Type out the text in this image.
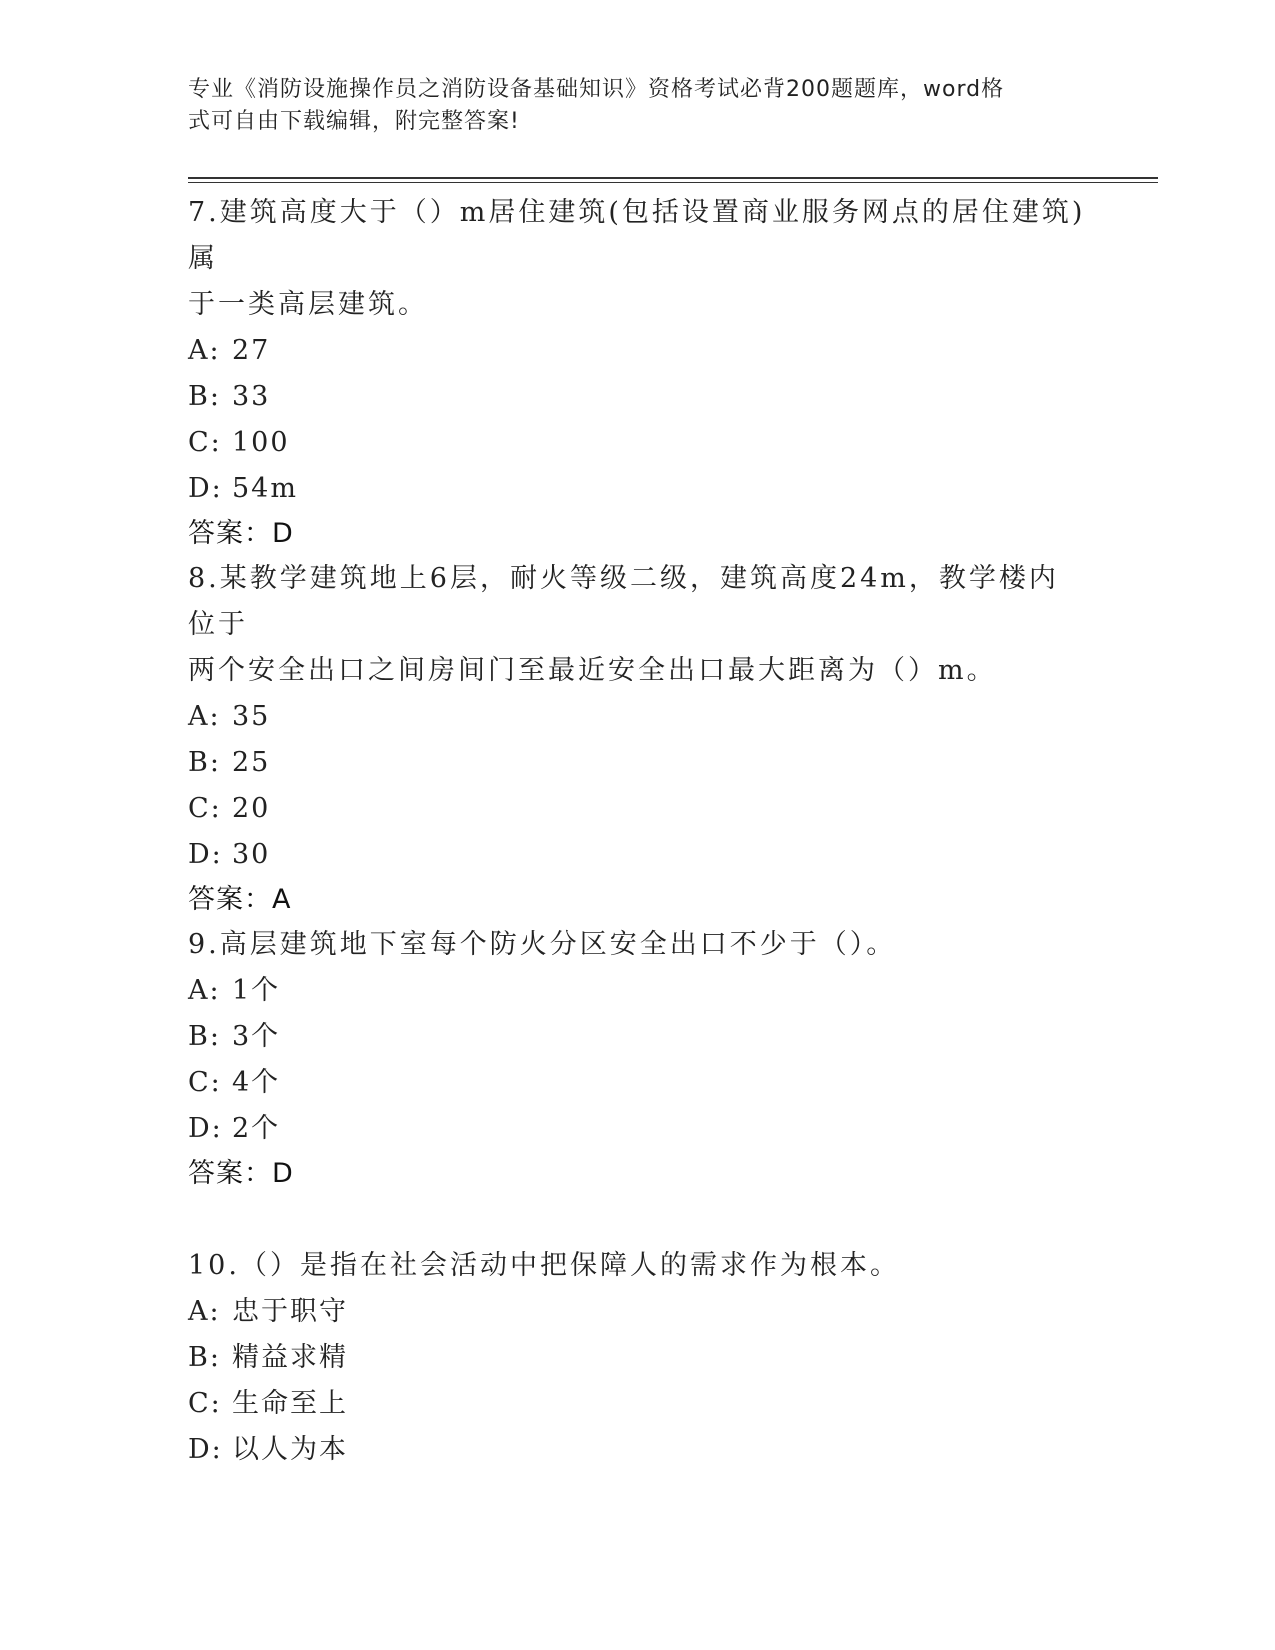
专业《消防设施操作员之消防设备基础知识》资格考试必背200题题库，word格
式可自由下载编辑，附完整答案!

7.建筑高度大于（）m居住建筑(包括设置商业服务网点的居住建筑)属

于一类高层建筑。

A: 27

B: 33

C: 100

D: 54m

答案：D

8.某教学建筑地上6层，耐火等级二级，建筑高度24m，教学楼内位于

两个安全出口之间房间门至最近安全出口最大距离为（）m。

A: 35

B: 25

C: 20

D: 30

答案：A

9.高层建筑地下室每个防火分区安全出口不少于（）。

A: 1个

B: 3个

C: 4个

D: 2个

答案：D

10.（）是指在社会活动中把保障人的需求作为根本。

A: 忠于职守

B: 精益求精

C: 生命至上

D: 以人为本
